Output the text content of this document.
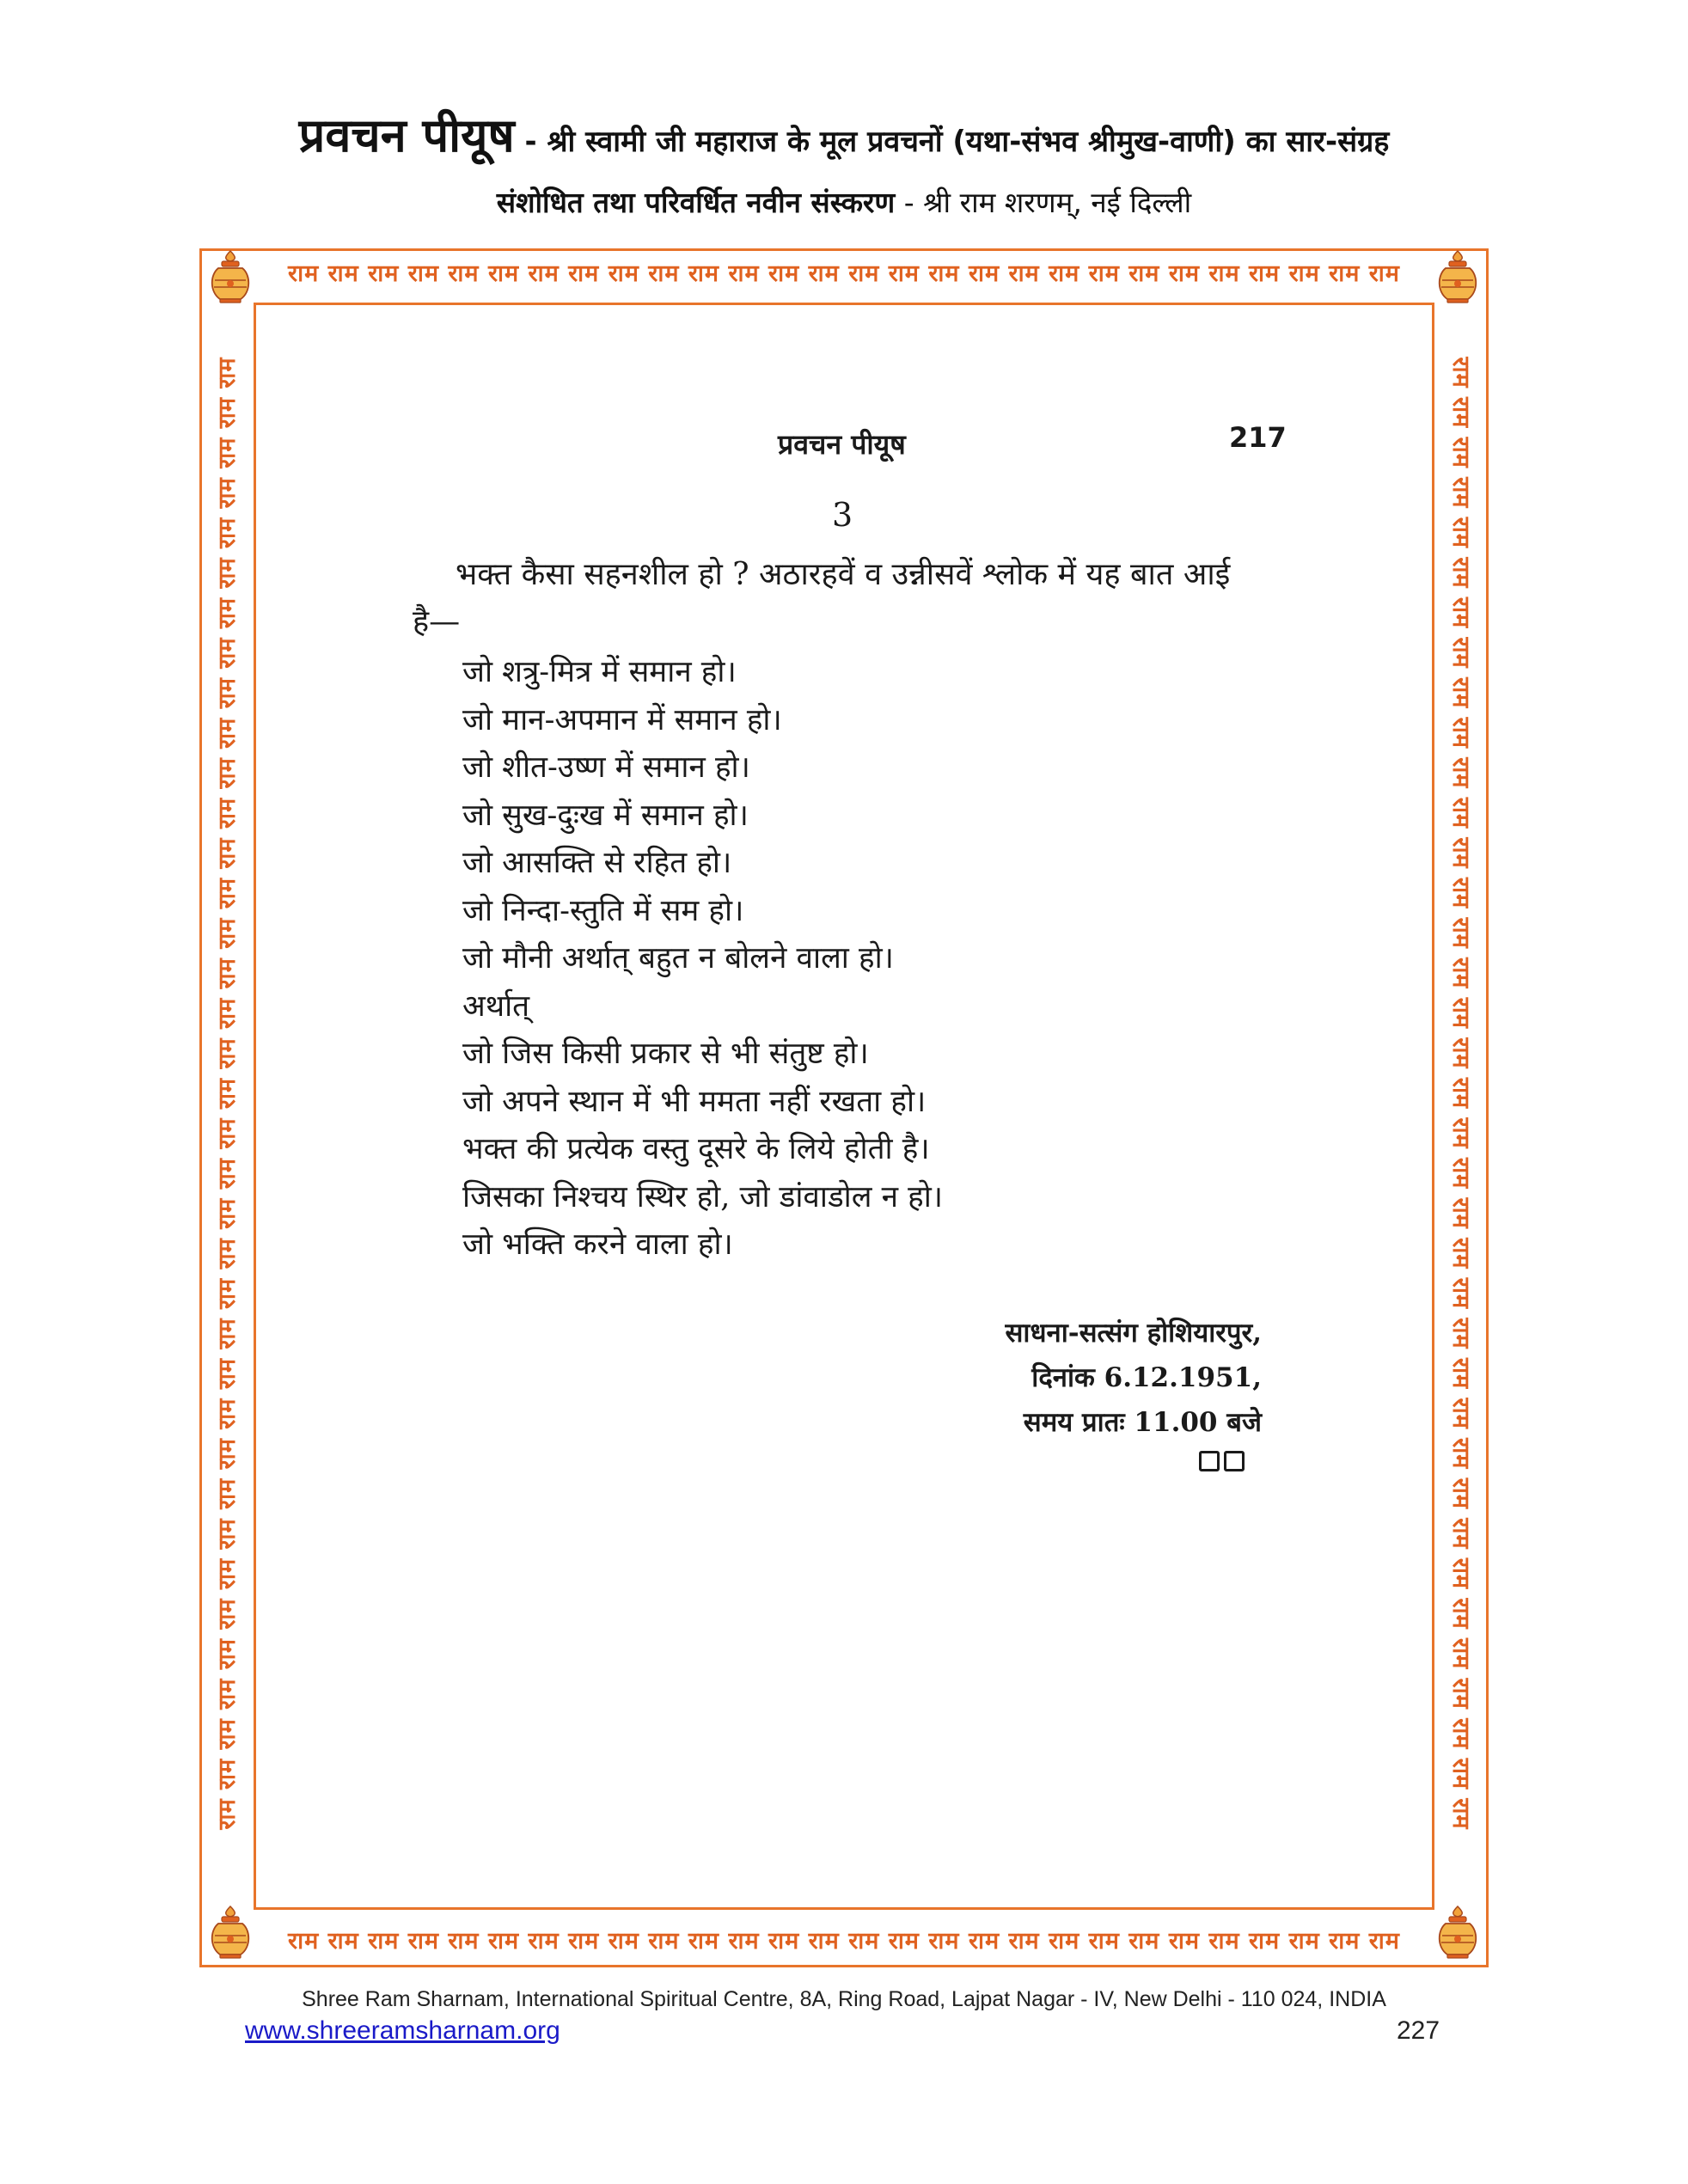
प्रवचन पीयूष - श्री स्वामी जी महाराज के मूल प्रवचनों (यथा-संभव श्रीमुख-वाणी) का सार-संग्रह
संशोधित तथा परिवर्धित नवीन संस्करण - श्री राम शरणम्, नई दिल्ली
राम राम राम राम राम राम राम राम राम राम राम राम राम राम राम राम राम राम राम राम राम राम राम राम राम राम राम राम
राम राम राम राम राम राम राम राम राम राम राम राम राम राम राम राम राम राम राम राम राम राम राम राम राम राम राम राम
राम राम राम राम राम राम राम राम राम राम राम राम राम राम राम राम राम राम राम राम राम राम राम राम राम राम राम राम राम राम राम राम राम राम राम राम राम	राम राम राम राम राम राम राम राम राम राम राम राम राम राम राम राम राम राम राम राम राम राम राम राम राम राम राम राम राम राम राम राम राम राम राम राम राम
प्रवचन पीयूष	217
3
भक्त कैसा सहनशील हो ? अठारहवें व उन्नीसवें श्लोक में यह बात आई
है—
जो शत्रु-मित्र में समान हो।
जो मान-अपमान में समान हो।
जो शीत-उष्ण में समान हो।
जो सुख-दुःख में समान हो।
जो आसक्ति से रहित हो।
जो निन्दा-स्तुति में सम हो।
जो मौनी अर्थात् बहुत न बोलने वाला हो।
अर्थात्
जो जिस किसी प्रकार से भी संतुष्ट हो।
जो अपने स्थान में भी ममता नहीं रखता हो।
भक्त की प्रत्येक वस्तु दूसरे के लिये होती है।
जिसका निश्चय स्थिर हो, जो डांवाडोल न हो।
जो भक्ति करने वाला हो।
साधना-सत्संग होशियारपुर,
दिनांक 6.12.1951,
समय प्रातः 11.00 बजे
Shree Ram Sharnam, International Spiritual Centre, 8A, Ring Road, Lajpat Nagar - IV, New Delhi - 110 024, INDIA
www.shreeramsharnam.org	227
